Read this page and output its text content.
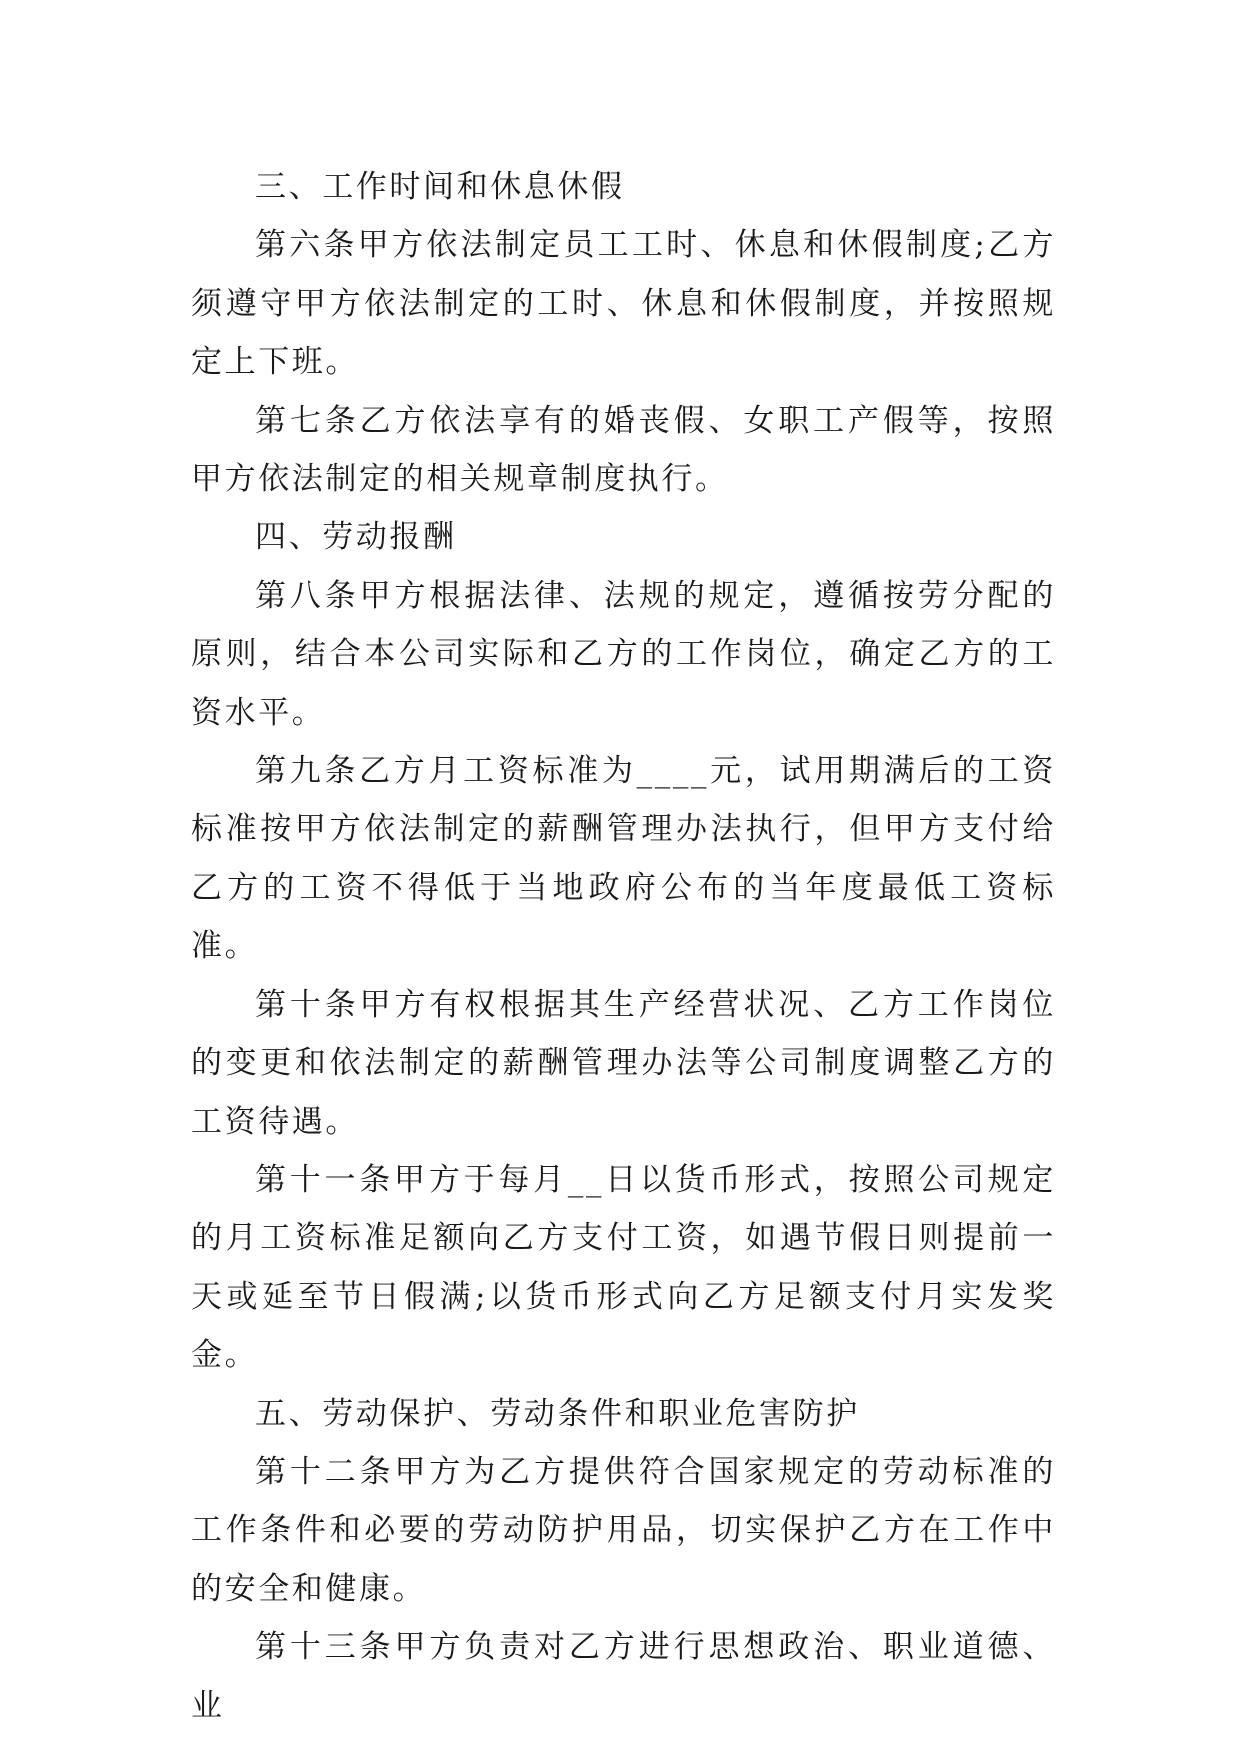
三、工作时间和休息休假

第六条甲方依法制定员工工时、休息和休假制度;乙方须遵守甲方依法制定的工时、休息和休假制度，并按照规定上下班。

第七条乙方依法享有的婚丧假、女职工产假等，按照甲方依法制定的相关规章制度执行。

四、劳动报酬

第八条甲方根据法律、法规的规定，遵循按劳分配的原则，结合本公司实际和乙方的工作岗位，确定乙方的工资水平。

第九条乙方月工资标准为____元，试用期满后的工资标准按甲方依法制定的薪酬管理办法执行，但甲方支付给乙方的工资不得低于当地政府公布的当年度最低工资标准。

第十条甲方有权根据其生产经营状况、乙方工作岗位的变更和依法制定的薪酬管理办法等公司制度调整乙方的工资待遇。

第十一条甲方于每月__日以货币形式，按照公司规定的月工资标准足额向乙方支付工资，如遇节假日则提前一天或延至节日假满;以货币形式向乙方足额支付月实发奖金。

五、劳动保护、劳动条件和职业危害防护

第十二条甲方为乙方提供符合国家规定的劳动标准的工作条件和必要的劳动防护用品，切实保护乙方在工作中的安全和健康。

第十三条甲方负责对乙方进行思想政治、职业道德、业
